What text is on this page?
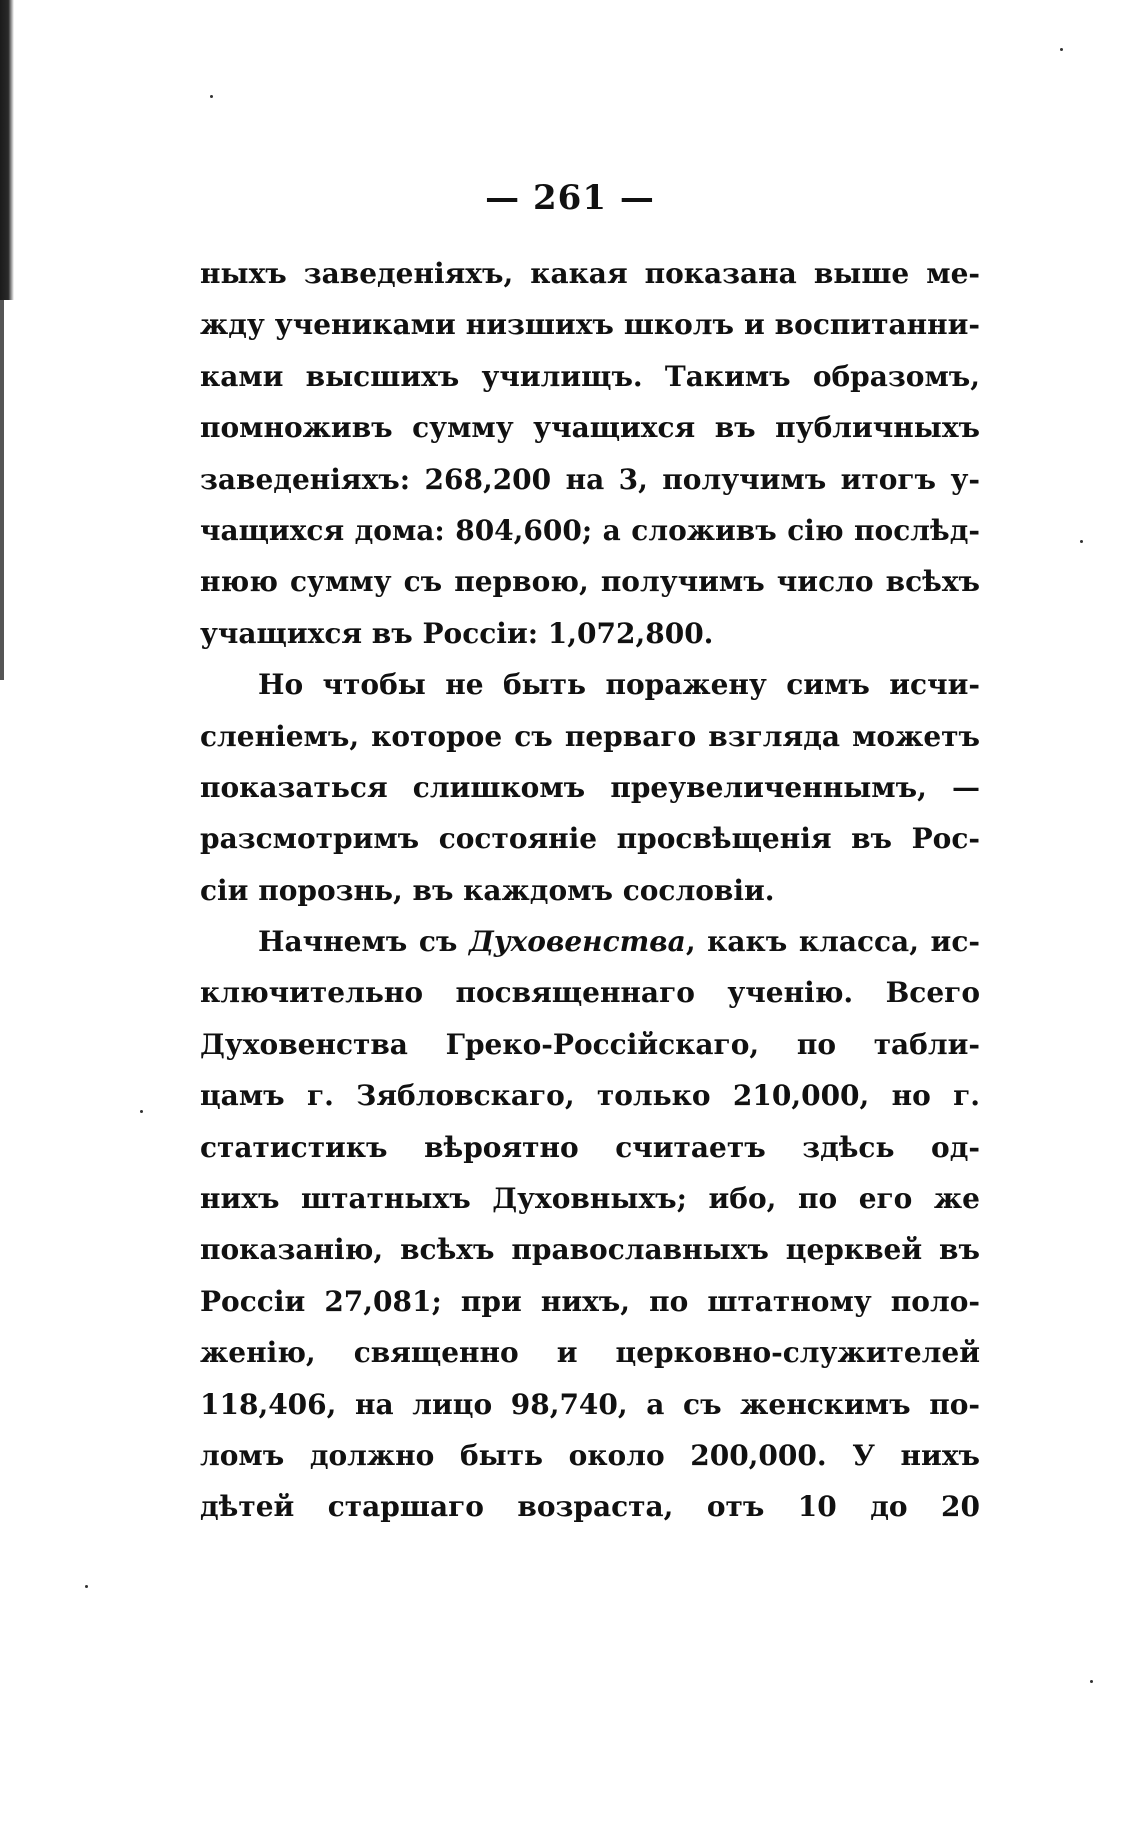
— 261 —
ныхъ заведеніяхъ, какая показана выше ме-
жду учениками низшихъ школъ и воспитанни-
ками высшихъ училищъ. Такимъ образомъ,
помноживъ сумму учащихся въ публичныхъ
заведеніяхъ: 268,200 на 3, получимъ итогъ у-
чащихся дома: 804,600; а сложивъ сію послѣд-
нюю сумму съ первою, получимъ число всѣхъ
учащихся въ Россіи: 1,072,800.
Но чтобы не быть поражену симъ исчи-
сленіемъ, которое съ перваго взгляда можетъ
показаться слишкомъ преувеличеннымъ, —
разсмотримъ состояніе просвѣщенія въ Рос-
сіи порознь, въ каждомъ сословіи.
Начнемъ съ Духовенства, какъ класса, ис-
ключительно посвященнаго ученію. Всего
Духовенства Греко-Россійскаго, по табли-
цамъ г. Зябловскаго, только 210,000, но г.
статистикъ вѣроятно считаетъ здѣсь од-
нихъ штатныхъ Духовныхъ; ибо, по его же
показанію, всѣхъ православныхъ церквей въ
Россіи 27,081; при нихъ, по штатному поло-
женію, священно и церковно-служителей
118,406, на лицо 98,740, а съ женскимъ по-
ломъ должно быть около 200,000. У нихъ
дѣтей старшаго возраста, отъ 10 до 20
